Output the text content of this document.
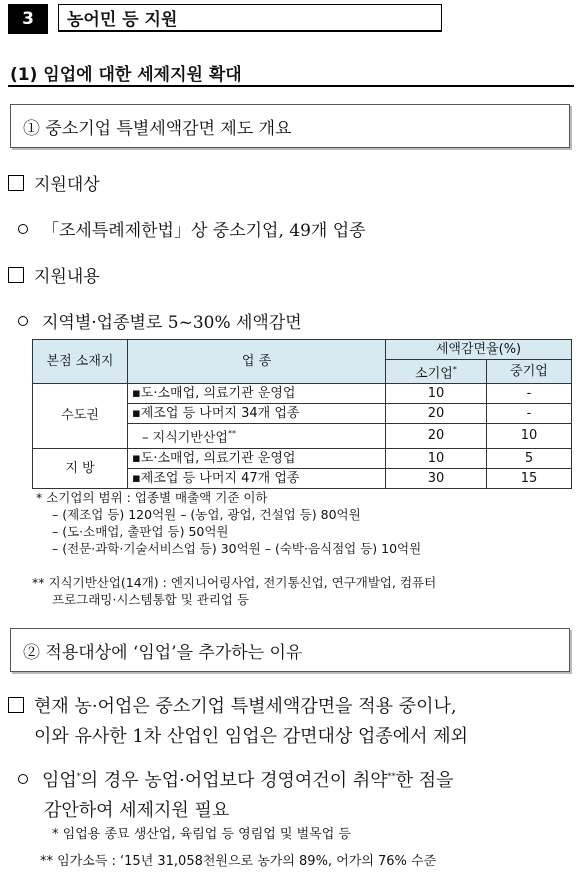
3	농어민 등 지원
(1) 임업에 대한 세제지원 확대
① 중소기업 특별세액감면 제도 개요
지원대상
「조세특례제한법」상 중소기업, 49개 업종
지원내용
지역별·업종별로 5~30% 세액감면
본점 소재지	업 종	세액감면율(%)	
		소기업*	중기업
수도권	▪도·소매업, 의료기관 운영업	10	-
	▪제조업 등 나머지 34개 업종	20	-
	– 지식기반산업**	20	10
지 방	▪도·소매업, 의료기관 운영업	10	5
	▪제조업 등 나머지 47개 업종	30	15
* 소기업의 범위 : 업종별 매출액 기준 이하
– (제조업 등) 120억원 – (농업, 광업, 건설업 등) 80억원
– (도·소매업, 출판업 등) 50억원
– (전문·과학·기술서비스업 등) 30억원 – (숙박·음식점업 등) 10억원
** 지식기반산업(14개) : 엔지니어링사업, 전기통신업, 연구개발업, 컴퓨터
프로그래밍·시스템통합 및 관리업 등
② 적용대상에 ‘임업’을 추가하는 이유
현재 농·어업은 중소기업 특별세액감면을 적용 중이나,
이와 유사한 1차 산업인 임업은 감면대상 업종에서 제외
임업*의 경우 농업·어업보다 경영여건이 취약**한 점을
감안하여 세제지원 필요
* 임업용 종묘 생산업, 육림업 등 영림업 및 벌목업 등
** 임가소득 : ‘15년 31,058천원으로 농가의 89%, 어가의 76% 수준
